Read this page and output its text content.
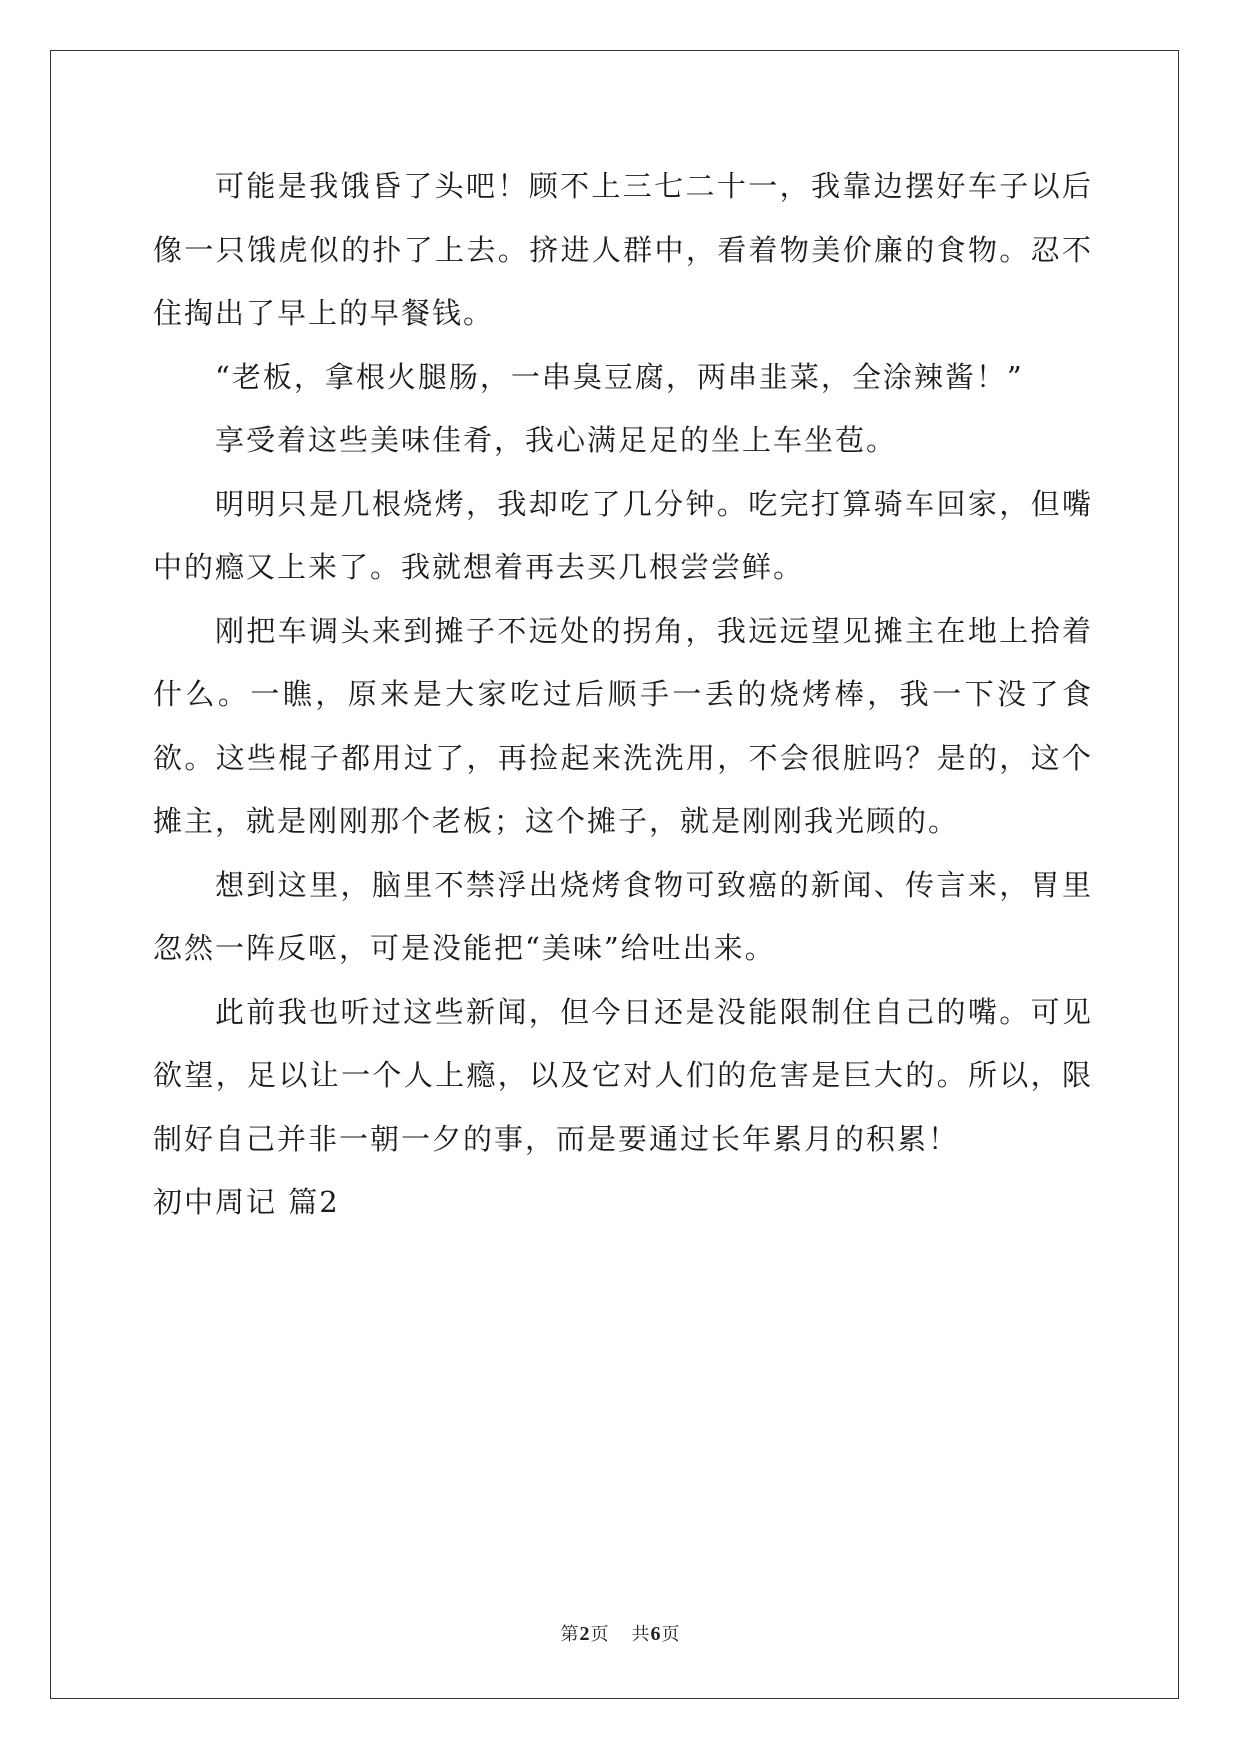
可能是我饿昏了头吧！顾不上三七二十一，我靠边摆好车子以后像一只饿虎似的扑了上去。挤进人群中，看着物美价廉的食物。忍不住掏出了早上的早餐钱。

“老板，拿根火腿肠，一串臭豆腐，两串韭菜，全涂辣酱！”

享受着这些美味佳肴，我心满足足的坐上车坐苞。

明明只是几根烧烤，我却吃了几分钟。吃完打算骑车回家，但嘴中的瘾又上来了。我就想着再去买几根尝尝鲜。

刚把车调头来到摊子不远处的拐角，我远远望见摊主在地上拾着什么。一瞧，原来是大家吃过后顺手一丢的烧烤棒，我一下没了食欲。这些棍子都用过了，再捡起来洗洗用，不会很脏吗？是的，这个摊主，就是刚刚那个老板；这个摊子，就是刚刚我光顾的。

想到这里，脑里不禁浮出烧烤食物可致癌的新闻、传言来，胃里忽然一阵反呕，可是没能把“美味”给吐出来。

此前我也听过这些新闻，但今日还是没能限制住自己的嘴。可见欲望，足以让一个人上瘾，以及它对人们的危害是巨大的。所以，限制好自己并非一朝一夕的事，而是要通过长年累月的积累！

初中周记 篇2

第2页 共6页
